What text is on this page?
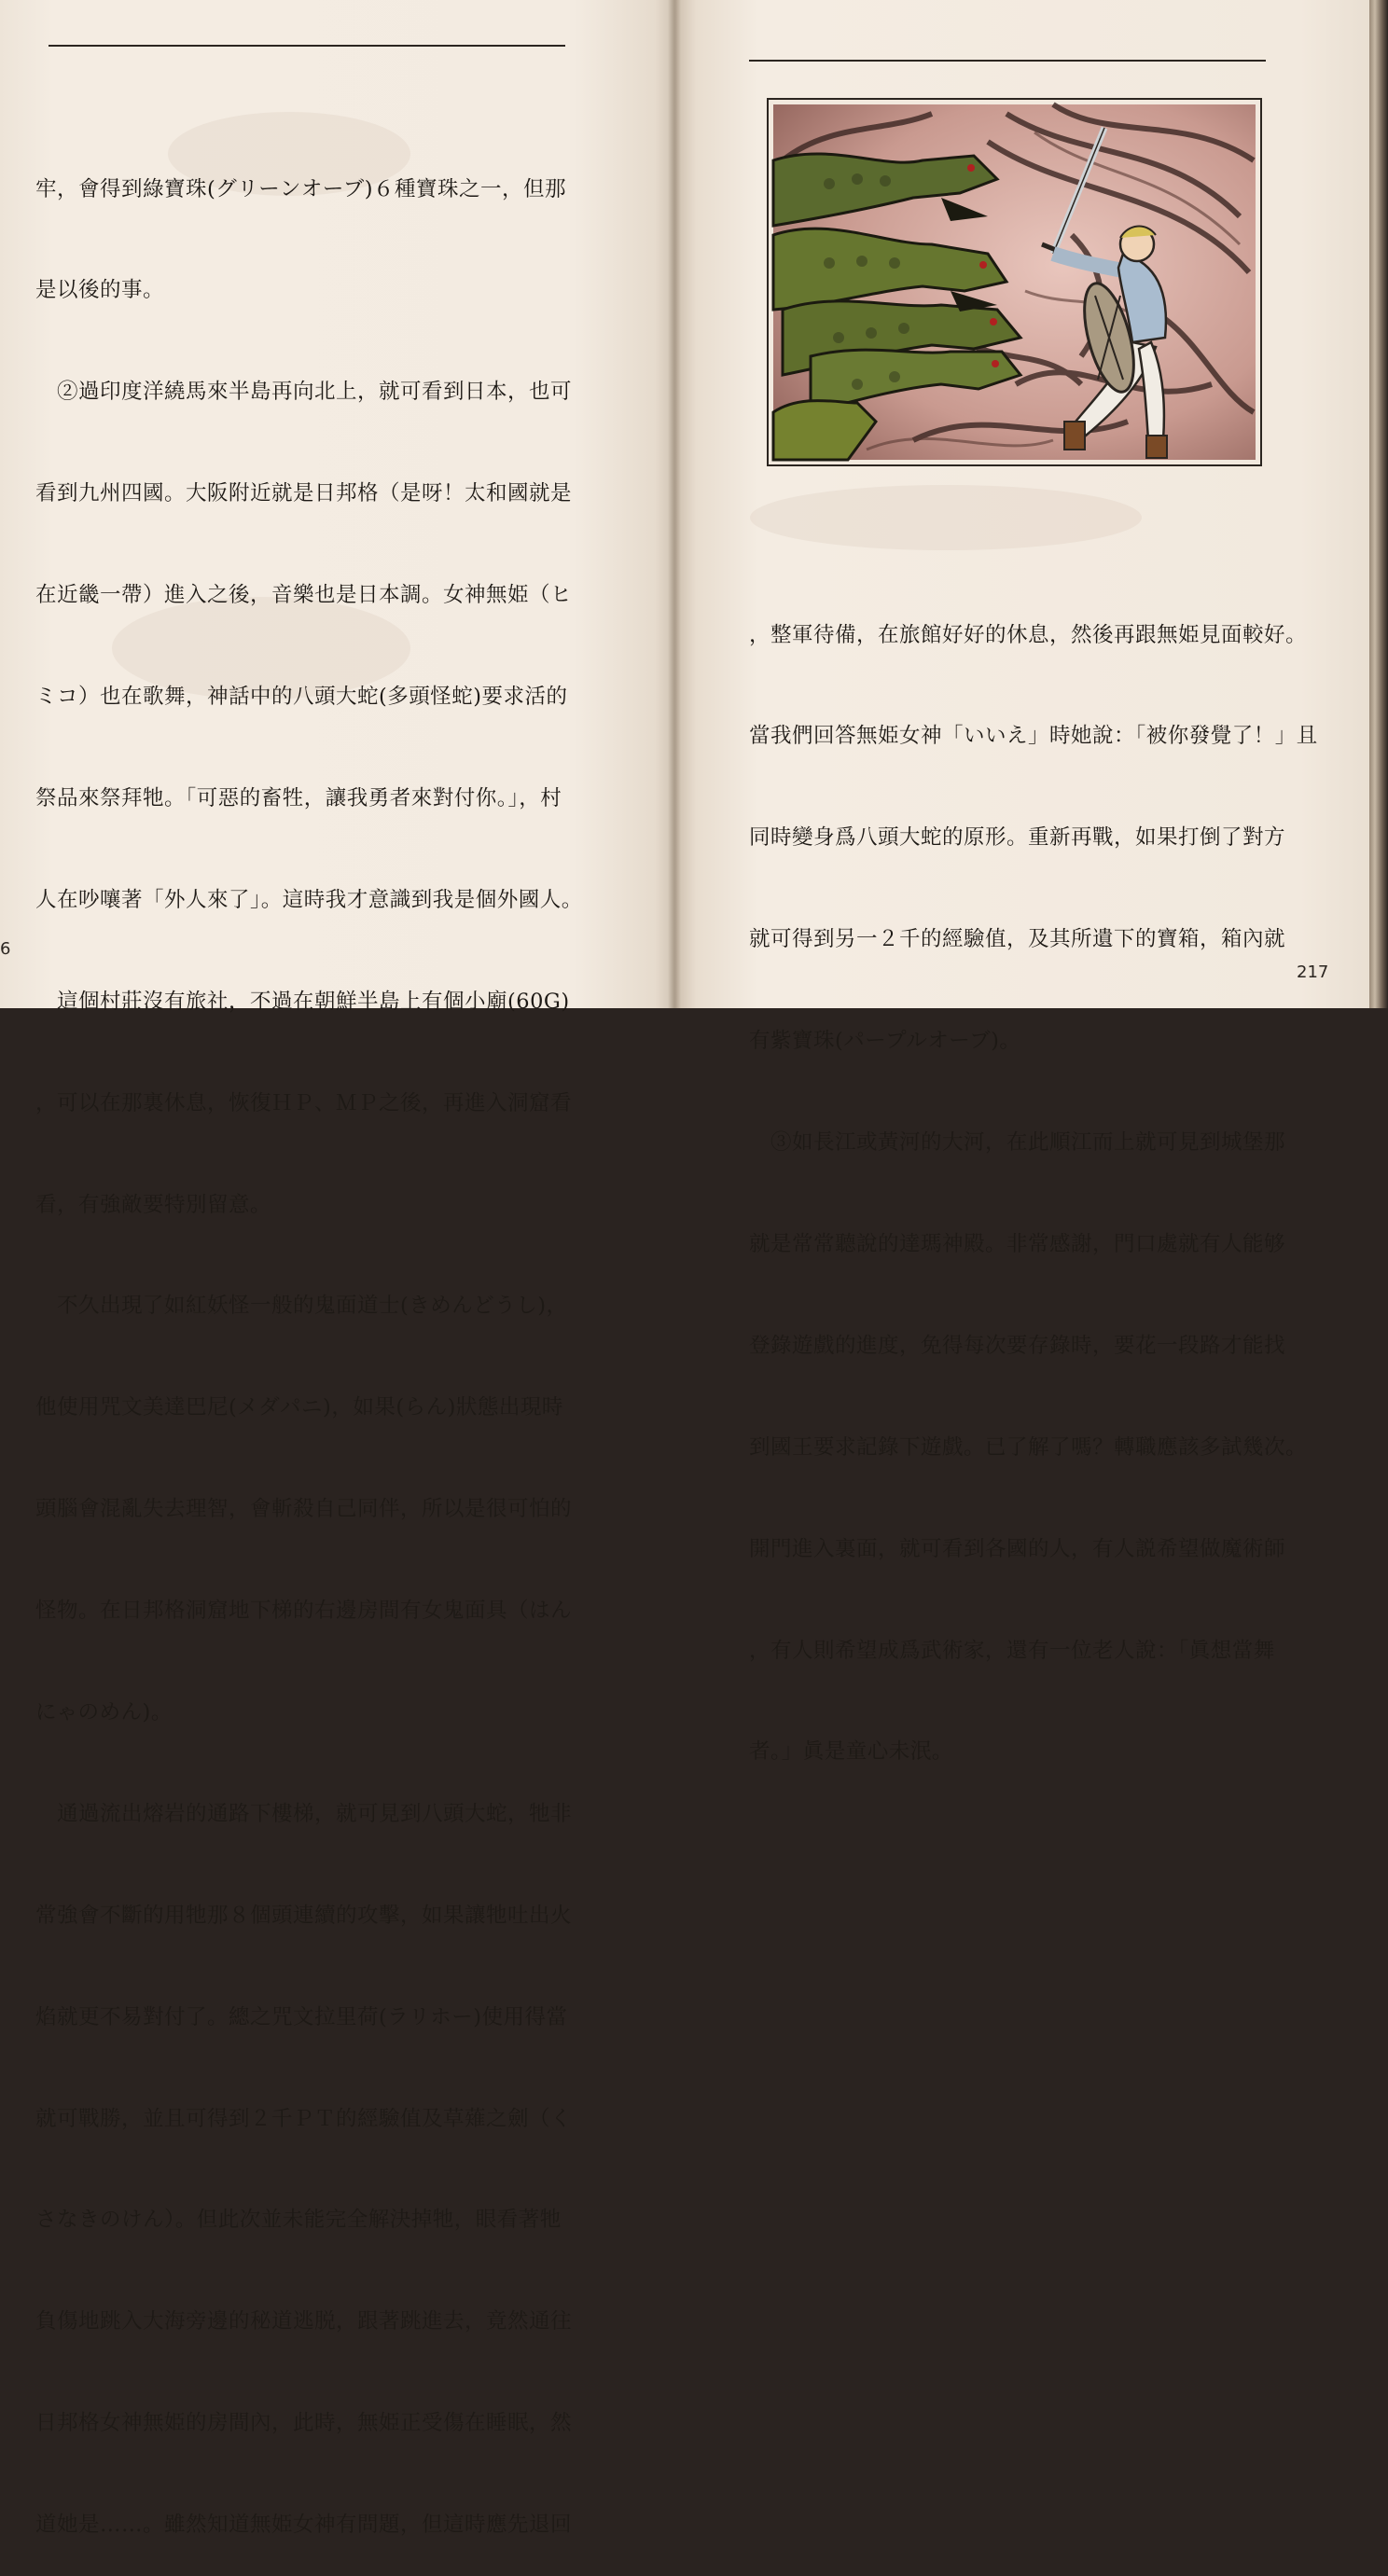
牢，會得到綠寶珠(グリーンオーブ)６種寶珠之一，但那

是以後的事。

　②過印度洋繞馬來半島再向北上，就可看到日本，也可

看到九州四國。大阪附近就是日邦格（是呀！太和國就是

在近畿一帶）進入之後，音樂也是日本調。女神無姫（ヒ

ミコ）也在歌舞，神話中的八頭大蛇(多頭怪蛇)要求活的

祭品來祭拜牠。「可惡的畜牲，讓我勇者來對付你。」，村

人在吵嚷著「外人來了」。這時我才意識到我是個外國人。

　這個村莊沒有旅社，不過在朝鮮半島上有個小廟(60G)

，可以在那裏休息，恢復ＨＰ、ＭＰ之後，再進入洞窟看

看，有強敵要特別留意。

　不久出現了如紅妖怪一般的鬼面道士(きめんどうし)，

他使用咒文美達巴尼(メダパニ)，如果(らん)狀態出現時

頭腦會混亂失去理智，會斬殺自己同伴，所以是很可怕的

怪物。在日邦格洞窟地下梯的右邊房間有女鬼面具（はん

にゃのめん)。

　通過流出熔岩的通路下樓梯，就可見到八頭大蛇，牠非

常強會不斷的用牠那８個頭連續的攻擊，如果讓牠吐出火

焰就更不易對付了。總之咒文拉里荷(ラリホー)使用得當

就可戰勝，並且可得到２千ＰＴ的經驗值及草薙之劍（く

さなきのけん）。但此次並未能完全解決掉牠，眼看著牠

負傷地跳入大海旁邊的秘道逃脱，跟著跳進去，竟然通往

日邦格女神無姫的房間內，此時，無姫正受傷在睡眠，然

道她是……。雖然知道無姫女神有問題，但這時應先退回

6

，整軍待備，在旅館好好的休息，然後再跟無姫見面較好。

當我們回答無姫女神「いいえ」時她說：「被你發覺了！」且

同時變身爲八頭大蛇的原形。重新再戰，如果打倒了對方

就可得到另一２千的經驗值，及其所遺下的寶箱，箱內就

有紫寶珠(パープルオーブ)。

　③如長江或黃河的大河，在此順江而上就可見到城堡那

就是常常聽說的達瑪神殿。非常感謝，門口處就有人能够

登錄遊戲的進度，免得每次要存錄時，要花一段路才能找

到國王要求記錄下遊戲。已了解了嗎？轉職應該多試幾次。

開門進入裏面，就可看到各國的人，有人説希望做魔術師

，有人則希望成爲武術家，還有一位老人說：「眞想當舞

者。」眞是童心未泯。

217
